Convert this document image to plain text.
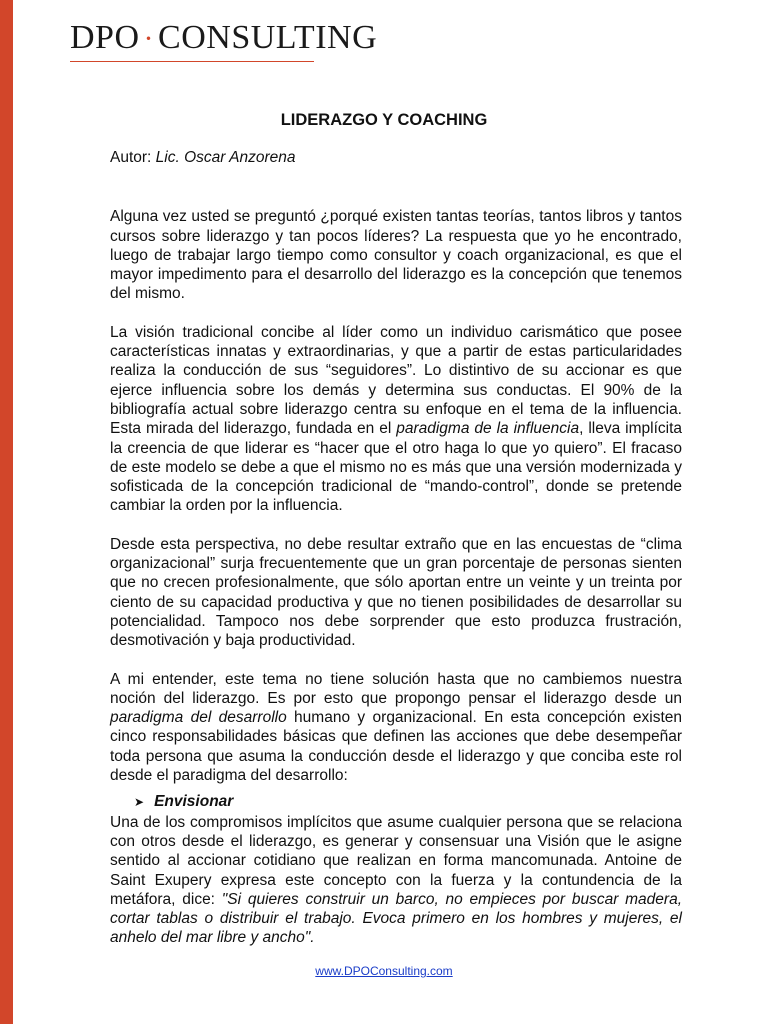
DPO · CONSULTING
LIDERAZGO Y COACHING

Autor: Lic. Oscar Anzorena

Alguna vez usted se preguntó ¿porqué existen tantas teorías, tantos libros y tantos cursos sobre liderazgo y tan pocos líderes? La respuesta que yo he encontrado, luego de trabajar largo tiempo como consultor y coach organizacional, es que el mayor impedimento para el desarrollo del liderazgo es la concepción que tenemos del mismo.

La visión tradicional concibe al líder como un individuo carismático que posee características innatas y extraordinarias, y que a partir de estas particularidades realiza la conducción de sus “seguidores”. Lo distintivo de su accionar es que ejerce influencia sobre los demás y determina sus conductas. El 90% de la bibliografía actual sobre liderazgo centra su enfoque en el tema de la influencia. Esta mirada del liderazgo, fundada en el paradigma de la influencia, lleva implícita la creencia de que liderar es “hacer que el otro haga lo que yo quiero”. El fracaso de este modelo se debe a que el mismo no es más que una versión modernizada y sofisticada de la concepción tradicional de “mando-control”, donde se pretende cambiar la orden por la influencia.

Desde esta perspectiva, no debe resultar extraño que en las encuestas de “clima organizacional” surja frecuentemente que un gran porcentaje de personas sienten que no crecen profesionalmente, que sólo aportan entre un veinte y un treinta por ciento de su capacidad productiva y que no tienen posibilidades de desarrollar su potencialidad. Tampoco nos debe sorprender que esto produzca frustración, desmotivación y baja productividad.

A mi entender, este tema no tiene solución hasta que no cambiemos nuestra noción del liderazgo. Es por esto que propongo pensar el liderazgo desde un paradigma del desarrollo humano y organizacional. En esta concepción existen cinco responsabilidades básicas que definen las acciones que debe desempeñar toda persona que asuma la conducción desde el liderazgo y que conciba este rol desde el paradigma del desarrollo:

➤ Envisionar

Una de los compromisos implícitos que asume cualquier persona que se relaciona con otros desde el liderazgo, es generar y consensuar una Visión que le asigne sentido al accionar cotidiano que realizan en forma mancomunada. Antoine de Saint Exupery expresa este concepto con la fuerza y la contundencia de la metáfora, dice: "Si quieres construir un barco, no empieces por buscar madera, cortar tablas o distribuir el trabajo. Evoca primero en los hombres y mujeres, el anhelo del mar libre y ancho".

www.DPOConsulting.com
